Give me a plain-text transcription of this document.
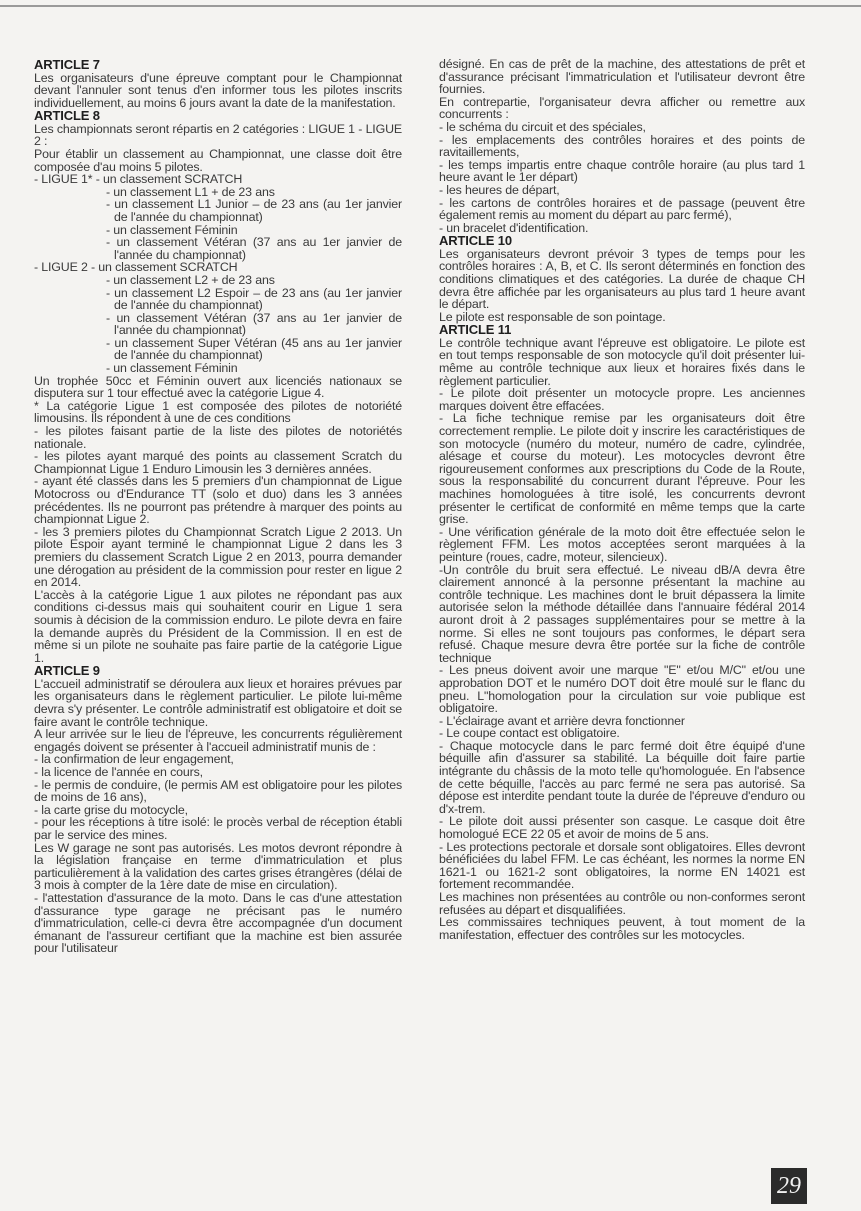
ARTICLE 7

Les organisateurs d'une épreuve comptant pour le Championnat devant l'annuler sont tenus d'en informer tous les pilotes inscrits individuellement, au moins 6 jours avant la date de la manifestation.

ARTICLE 8

Les championnats seront répartis en 2 catégories : LIGUE 1 - LIGUE 2 :

Pour établir un classement au Championnat, une classe doit être composée d'au moins 5 pilotes.

- LIGUE 1* - un classement SCRATCH

- un classement L1 + de 23 ans

- un classement L1 Junior – de 23 ans (au 1er janvier de l'année du championnat)

- un classement Féminin

- un classement Vétéran (37 ans au 1er janvier de l'année du championnat)

- LIGUE 2 - un classement SCRATCH

- un classement L2 + de 23 ans

- un classement L2 Espoir – de 23 ans (au 1er janvier de l'année du championnat)

- un classement Vétéran (37 ans au 1er janvier de l'année du championnat)

- un classement Super Vétéran (45 ans au 1er janvier de l'année du championnat)

- un classement Féminin

Un trophée 50cc et Féminin ouvert aux licenciés nationaux se disputera sur 1 tour effectué avec la catégorie Ligue 4.

* La catégorie Ligue 1 est composée des pilotes de notoriété limousins. Ils répondent à une de ces conditions

- les pilotes faisant partie de la liste des pilotes de notoriétés nationale.

- les pilotes ayant marqué des points au classement Scratch du Championnat Ligue 1 Enduro Limousin les 3 dernières années.

- ayant été classés dans les 5 premiers d'un championnat de Ligue Motocross ou d'Endurance TT (solo et duo) dans les 3 années précédentes. Ils ne pourront pas prétendre à marquer des points au championnat Ligue 2.

- les 3 premiers pilotes du Championnat Scratch Ligue 2 2013. Un pilote Espoir ayant terminé le championnat Ligue 2 dans les 3 premiers du classement Scratch Ligue 2 en 2013, pourra demander une dérogation au président de la commission pour rester en ligue 2 en 2014.

L'accès à la catégorie Ligue 1 aux pilotes ne répondant pas aux conditions ci-dessus mais qui souhaitent courir en Ligue 1 sera soumis à décision de la commission enduro. Le pilote devra en faire la demande auprès du Président de la Commission. Il en est de même si un pilote ne souhaite pas faire partie de la catégorie Ligue 1.

ARTICLE 9

L'accueil administratif se déroulera aux lieux et horaires prévues par les organisateurs dans le règlement particulier. Le pilote lui-même devra s'y présenter. Le contrôle administratif est obligatoire et doit se faire avant le contrôle technique.

A leur arrivée sur le lieu de l'épreuve, les concurrents régulièrement engagés doivent se présenter à l'accueil administratif munis de :

- la confirmation de leur engagement,

- la licence de l'année en cours,

- le permis de conduire, (le permis AM est obligatoire pour les pilotes de moins de 16 ans),

- la carte grise du motocycle,

- pour les réceptions à titre isolé: le procès verbal de réception établi par le service des mines.

Les W garage ne sont pas autorisés. Les motos devront répondre à la législation française en terme d'immatriculation et plus particulièrement à la validation des cartes grises étrangères (délai de 3 mois à compter de la 1ère date de mise en circulation).

- l'attestation d'assurance de la moto. Dans le cas d'une attestation d'assurance type garage ne précisant pas le numéro d'immatriculation, celle-ci devra être accompagnée d'un document émanant de l'assureur certifiant que la machine est bien assurée pour l'utilisateur

désigné. En cas de prêt de la machine, des attestations de prêt et d'assurance précisant l'immatriculation et l'utilisateur devront être fournies.

En contrepartie, l'organisateur devra afficher ou remettre aux concurrents :

- le schéma du circuit et des spéciales,

- les emplacements des contrôles horaires et des points de ravitaillements,

- les temps impartis entre chaque contrôle horaire (au plus tard 1 heure avant le 1er départ)

- les heures de départ,

- les cartons de contrôles horaires et de passage (peuvent être également remis au moment du départ au parc fermé),

- un bracelet d'identification.

ARTICLE 10

Les organisateurs devront prévoir 3 types de temps pour les contrôles horaires : A, B, et C. Ils seront déterminés en fonction des conditions climatiques et des catégories. La durée de chaque CH devra être affichée par les organisateurs au plus tard 1 heure avant le départ.

Le pilote est responsable de son pointage.

ARTICLE 11

Le contrôle technique avant l'épreuve est obligatoire. Le pilote est en tout temps responsable de son motocycle qu'il doit présenter lui-même au contrôle technique aux lieux et horaires fixés dans le règlement particulier.

- Le pilote doit présenter un motocycle propre. Les anciennes marques doivent être effacées.

- La fiche technique remise par les organisateurs doit être correctement remplie. Le pilote doit y inscrire les caractéristiques de son motocycle (numéro du moteur, numéro de cadre, cylindrée, alésage et course du moteur). Les motocycles devront être rigoureusement conformes aux prescriptions du Code de la Route, sous la responsabilité du concurrent durant l'épreuve. Pour les machines homologuées à titre isolé, les concurrents devront présenter le certificat de conformité en même temps que la carte grise.

- Une vérification générale de la moto doit être effectuée selon le règlement FFM. Les motos acceptées seront marquées à la peinture (roues, cadre, moteur, silencieux).

-Un contrôle du bruit sera effectué. Le niveau dB/A devra être clairement annoncé à la personne présentant la machine au contrôle technique. Les machines dont le bruit dépassera la limite autorisée selon la méthode détaillée dans l'annuaire fédéral 2014 auront droit à 2 passages supplémentaires pour se mettre à la norme. Si elles ne sont toujours pas conformes, le départ sera refusé. Chaque mesure devra être portée sur la fiche de contrôle technique

- Les pneus doivent avoir une marque "E" et/ou M/C" et/ou une approbation DOT et le numéro DOT doit être moulé sur le flanc du pneu. L"homologation pour la circulation sur voie publique est obligatoire.

- L'éclairage avant et arrière devra fonctionner

- Le coupe contact est obligatoire.

- Chaque motocycle dans le parc fermé doit être équipé d'une béquille afin d'assurer sa stabilité. La béquille doit faire partie intégrante du châssis de la moto telle qu'homologuée. En l'absence de cette béquille, l'accès au parc fermé ne sera pas autorisé. Sa dépose est interdite pendant toute la durée de l'épreuve d'enduro ou d'x-trem.

- Le pilote doit aussi présenter son casque. Le casque doit être homologué ECE 22 05 et avoir de moins de 5 ans.

- Les protections pectorale et dorsale sont obligatoires. Elles devront bénéficiées du label FFM. Le cas échéant, les normes la norme EN 1621-1 ou 1621-2 sont obligatoires, la norme EN 14021 est fortement recommandée.

Les machines non présentées au contrôle ou non-conformes seront refusées au départ et disqualifiées.

Les commissaires techniques peuvent, à tout moment de la manifestation, effectuer des contrôles sur les motocycles.

29
